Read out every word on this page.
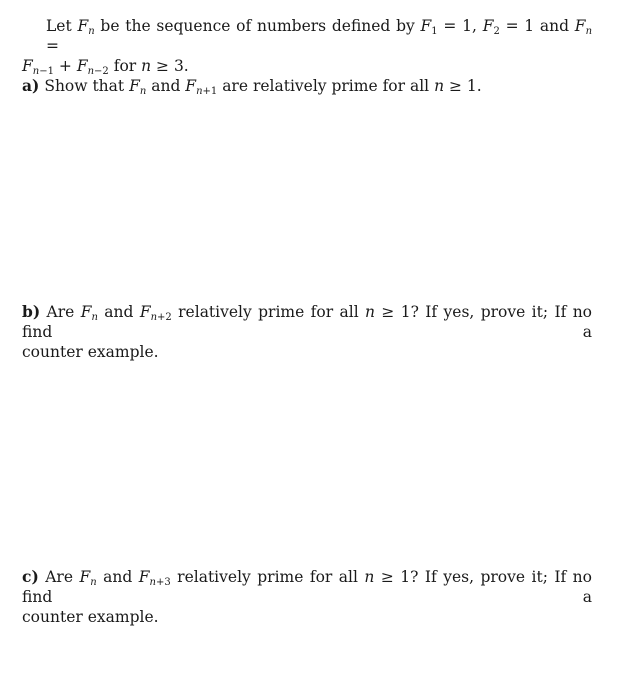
Let $F_n$ be the sequence of numbers defined by $F_1 = 1$, $F_2 = 1$ and $F_n$ =
$F_{n-1} + F_{n-2}$ for n ≥ 3.
a) Show that $F_n$ and $F_{n+1}$ are relatively prime for all n ≥ 1.
b) Are $F_n$ and $F_{n+2}$ relatively prime for all n ≥ 1? If yes, prove it; If no find a
counter example.
c) Are $F_n$ and $F_{n+3}$ relatively prime for all n ≥ 1? If yes, prove it; If no find a
counter example.
